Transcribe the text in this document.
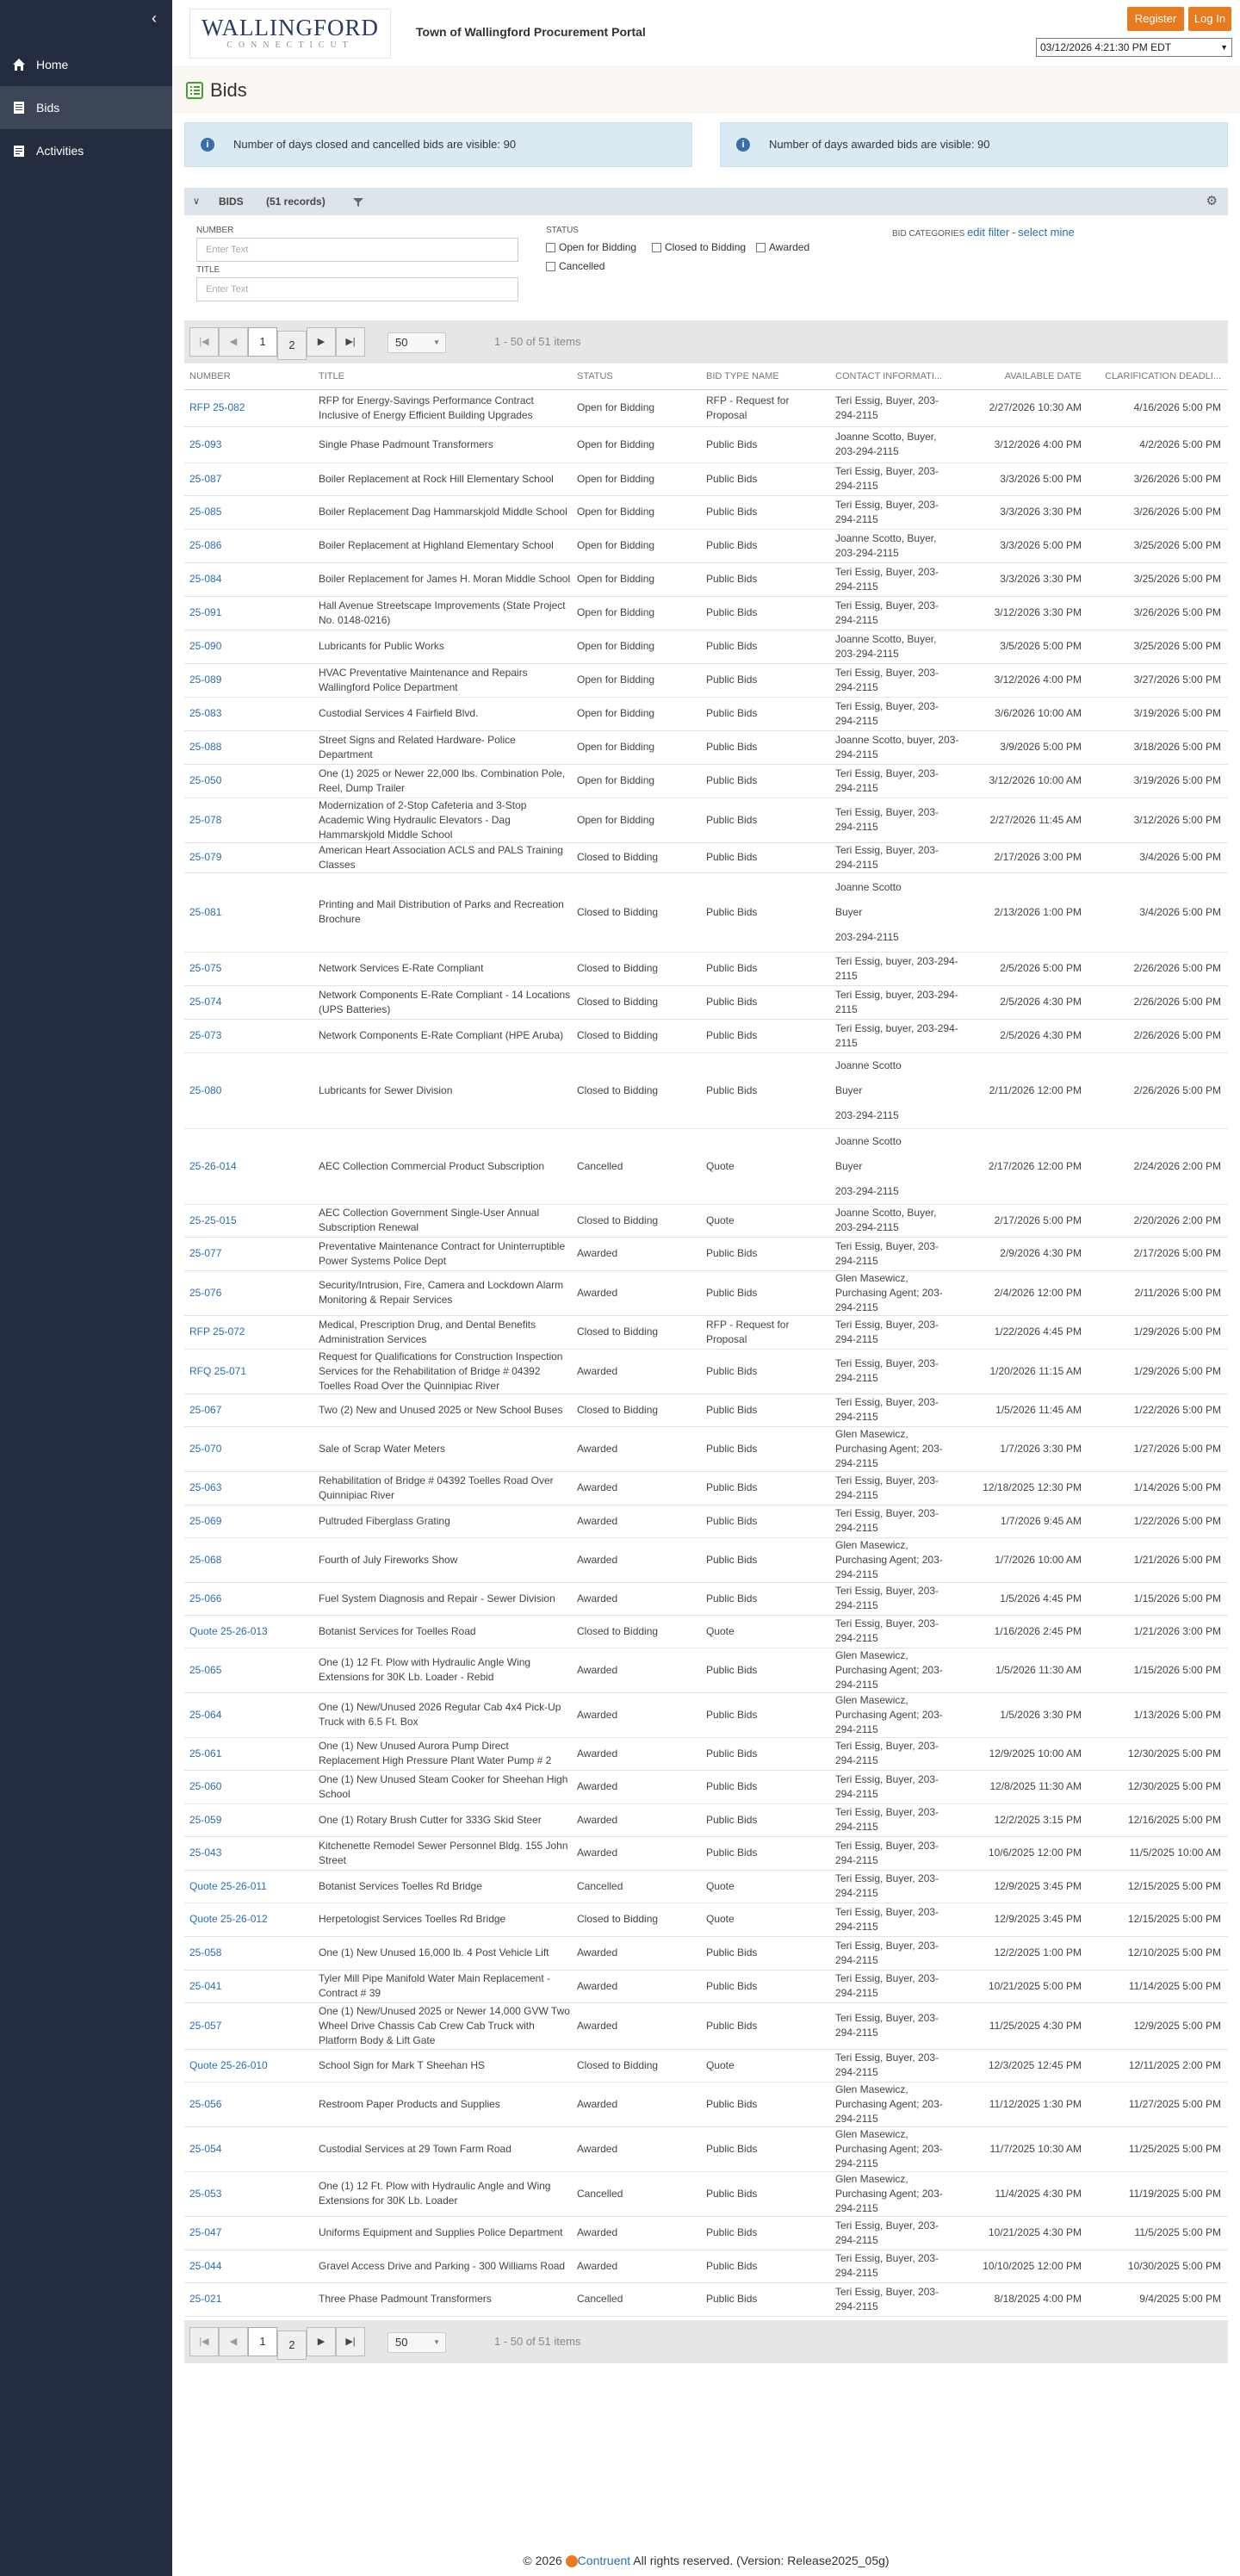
‹
Home
Bids
Activities
WALLINGFORD
CONNECTICUT
Town of Wallingford Procurement Portal
Register	Log In
03/12/2026 4:21:30 PM EDT	▼
Bids
i	Number of days closed and cancelled bids are visible: 90	i	Number of days awarded bids are visible: 90
∨ BIDS (51 records)	⚙
NUMBER
Enter Text
TITLE
Enter Text
STATUS
Open for Bidding	Closed to Bidding Awarded
Cancelled
BID CATEGORIES edit filter - select mine
|◀	◀	1	2	▶	▶|	50	▼	1 - 50 of 51 items
NUMBER	TITLE	STATUS	BID TYPE NAME	CONTACT INFORMATI...	AVAILABLE DATE	CLARIFICATION DEADLI...
RFP 25-082	RFP for Energy-Savings Performance Contract Inclusive of Energy Efficient Building Upgrades	Open for Bidding	RFP - Request for Proposal	Teri Essig, Buyer, 203-294-2115	2/27/2026 10:30 AM	4/16/2026 5:00 PM
25-093	Single Phase Padmount Transformers	Open for Bidding	Public Bids	Joanne Scotto, Buyer, 203-294-2115	3/12/2026 4:00 PM	4/2/2026 5:00 PM
25-087	Boiler Replacement at Rock Hill Elementary School	Open for Bidding	Public Bids	Teri Essig, Buyer, 203-294-2115	3/3/2026 5:00 PM	3/26/2026 5:00 PM
25-085	Boiler Replacement Dag Hammarskjold Middle School	Open for Bidding	Public Bids	Teri Essig, Buyer, 203-294-2115	3/3/2026 3:30 PM	3/26/2026 5:00 PM
25-086	Boiler Replacement at Highland Elementary School	Open for Bidding	Public Bids	Joanne Scotto, Buyer, 203-294-2115	3/3/2026 5:00 PM	3/25/2026 5:00 PM
25-084	Boiler Replacement for James H. Moran Middle School	Open for Bidding	Public Bids	Teri Essig, Buyer, 203-294-2115	3/3/2026 3:30 PM	3/25/2026 5:00 PM
25-091	Hall Avenue Streetscape Improvements (State Project No. 0148-0216)	Open for Bidding	Public Bids	Teri Essig, Buyer, 203-294-2115	3/12/2026 3:30 PM	3/26/2026 5:00 PM
25-090	Lubricants for Public Works	Open for Bidding	Public Bids	Joanne Scotto, Buyer, 203-294-2115	3/5/2026 5:00 PM	3/25/2026 5:00 PM
25-089	HVAC Preventative Maintenance and Repairs Wallingford Police Department	Open for Bidding	Public Bids	Teri Essig, Buyer, 203-294-2115	3/12/2026 4:00 PM	3/27/2026 5:00 PM
25-083	Custodial Services 4 Fairfield Blvd.	Open for Bidding	Public Bids	Teri Essig, Buyer, 203-294-2115	3/6/2026 10:00 AM	3/19/2026 5:00 PM
25-088	Street Signs and Related Hardware- Police Department	Open for Bidding	Public Bids	Joanne Scotto, buyer, 203-294-2115	3/9/2026 5:00 PM	3/18/2026 5:00 PM
25-050	One (1) 2025 or Newer 22,000 lbs. Combination Pole, Reel, Dump Trailer	Open for Bidding	Public Bids	Teri Essig, Buyer, 203-294-2115	3/12/2026 10:00 AM	3/19/2026 5:00 PM
25-078	Modernization of 2-Stop Cafeteria and 3-Stop Academic Wing Hydraulic Elevators - Dag Hammarskjold Middle School	Open for Bidding	Public Bids	Teri Essig, Buyer, 203-294-2115	2/27/2026 11:45 AM	3/12/2026 5:00 PM
25-079	American Heart Association ACLS and PALS Training Classes	Closed to Bidding	Public Bids	Teri Essig, Buyer, 203-294-2115	2/17/2026 3:00 PM	3/4/2026 5:00 PM
25-081	Printing and Mail Distribution of Parks and Recreation Brochure	Closed to Bidding	Public Bids	Joanne Scotto
Buyer
203-294-2115	2/13/2026 1:00 PM	3/4/2026 5:00 PM
25-075	Network Services E-Rate Compliant	Closed to Bidding	Public Bids	Teri Essig, buyer, 203-294-2115	2/5/2026 5:00 PM	2/26/2026 5:00 PM
25-074	Network Components E-Rate Compliant - 14 Locations (UPS Batteries)	Closed to Bidding	Public Bids	Teri Essig, buyer, 203-294-2115	2/5/2026 4:30 PM	2/26/2026 5:00 PM
25-073	Network Components E-Rate Compliant (HPE Aruba)	Closed to Bidding	Public Bids	Teri Essig, buyer, 203-294-2115	2/5/2026 4:30 PM	2/26/2026 5:00 PM
25-080	Lubricants for Sewer Division	Closed to Bidding	Public Bids	Joanne Scotto
Buyer
203-294-2115	2/11/2026 12:00 PM	2/26/2026 5:00 PM
25-26-014	AEC Collection Commercial Product Subscription	Cancelled	Quote	Joanne Scotto
Buyer
203-294-2115	2/17/2026 12:00 PM	2/24/2026 2:00 PM
25-25-015	AEC Collection Government Single-User Annual Subscription Renewal	Closed to Bidding	Quote	Joanne Scotto, Buyer, 203-294-2115	2/17/2026 5:00 PM	2/20/2026 2:00 PM
25-077	Preventative Maintenance Contract for Uninterruptible Power Systems Police Dept	Awarded	Public Bids	Teri Essig, Buyer, 203-294-2115	2/9/2026 4:30 PM	2/17/2026 5:00 PM
25-076	Security/Intrusion, Fire, Camera and Lockdown Alarm Monitoring & Repair Services	Awarded	Public Bids	Glen Masewicz, Purchasing Agent; 203-294-2115	2/4/2026 12:00 PM	2/11/2026 5:00 PM
RFP 25-072	Medical, Prescription Drug, and Dental Benefits Administration Services	Closed to Bidding	RFP - Request for Proposal	Teri Essig, Buyer, 203-294-2115	1/22/2026 4:45 PM	1/29/2026 5:00 PM
RFQ 25-071	Request for Qualifications for Construction Inspection Services for the Rehabilitation of Bridge # 04392 Toelles Road Over the Quinnipiac River	Awarded	Public Bids	Teri Essig, Buyer, 203-294-2115	1/20/2026 11:15 AM	1/29/2026 5:00 PM
25-067	Two (2) New and Unused 2025 or New School Buses	Closed to Bidding	Public Bids	Teri Essig, Buyer, 203-294-2115	1/5/2026 11:45 AM	1/22/2026 5:00 PM
25-070	Sale of Scrap Water Meters	Awarded	Public Bids	Glen Masewicz, Purchasing Agent; 203-294-2115	1/7/2026 3:30 PM	1/27/2026 5:00 PM
25-063	Rehabilitation of Bridge # 04392 Toelles Road Over Quinnipiac River	Awarded	Public Bids	Teri Essig, Buyer, 203-294-2115	12/18/2025 12:30 PM	1/14/2026 5:00 PM
25-069	Pultruded Fiberglass Grating	Awarded	Public Bids	Teri Essig, Buyer, 203-294-2115	1/7/2026 9:45 AM	1/22/2026 5:00 PM
25-068	Fourth of July Fireworks Show	Awarded	Public Bids	Glen Masewicz, Purchasing Agent; 203-294-2115	1/7/2026 10:00 AM	1/21/2026 5:00 PM
25-066	Fuel System Diagnosis and Repair - Sewer Division	Awarded	Public Bids	Teri Essig, Buyer, 203-294-2115	1/5/2026 4:45 PM	1/15/2026 5:00 PM
Quote 25-26-013	Botanist Services for Toelles Road	Closed to Bidding	Quote	Teri Essig, Buyer, 203-294-2115	1/16/2026 2:45 PM	1/21/2026 3:00 PM
25-065	One (1) 12 Ft. Plow with Hydraulic Angle Wing Extensions for 30K Lb. Loader - Rebid	Awarded	Public Bids	Glen Masewicz, Purchasing Agent; 203-294-2115	1/5/2026 11:30 AM	1/15/2026 5:00 PM
25-064	One (1) New/Unused 2026 Regular Cab 4x4 Pick-Up Truck with 6.5 Ft. Box	Awarded	Public Bids	Glen Masewicz, Purchasing Agent; 203-294-2115	1/5/2026 3:30 PM	1/13/2026 5:00 PM
25-061	One (1) New Unused Aurora Pump Direct Replacement High Pressure Plant Water Pump # 2	Awarded	Public Bids	Teri Essig, Buyer, 203-294-2115	12/9/2025 10:00 AM	12/30/2025 5:00 PM
25-060	One (1) New Unused Steam Cooker for Sheehan High School	Awarded	Public Bids	Teri Essig, Buyer, 203-294-2115	12/8/2025 11:30 AM	12/30/2025 5:00 PM
25-059	One (1) Rotary Brush Cutter for 333G Skid Steer	Awarded	Public Bids	Teri Essig, Buyer, 203-294-2115	12/2/2025 3:15 PM	12/16/2025 5:00 PM
25-043	Kitchenette Remodel Sewer Personnel Bldg. 155 John Street	Awarded	Public Bids	Teri Essig, Buyer, 203-294-2115	10/6/2025 12:00 PM	11/5/2025 10:00 AM
Quote 25-26-011	Botanist Services Toelles Rd Bridge	Cancelled	Quote	Teri Essig, Buyer, 203-294-2115	12/9/2025 3:45 PM	12/15/2025 5:00 PM
Quote 25-26-012	Herpetologist Services Toelles Rd Bridge	Closed to Bidding	Quote	Teri Essig, Buyer, 203-294-2115	12/9/2025 3:45 PM	12/15/2025 5:00 PM
25-058	One (1) New Unused 16,000 lb. 4 Post Vehicle Lift	Awarded	Public Bids	Teri Essig, Buyer, 203-294-2115	12/2/2025 1:00 PM	12/10/2025 5:00 PM
25-041	Tyler Mill Pipe Manifold Water Main Replacement - Contract # 39	Awarded	Public Bids	Teri Essig, Buyer, 203-294-2115	10/21/2025 5:00 PM	11/14/2025 5:00 PM
25-057	One (1) New/Unused 2025 or Newer 14,000 GVW Two Wheel Drive Chassis Cab Crew Cab Truck with Platform Body & Lift Gate	Awarded	Public Bids	Teri Essig, Buyer, 203-294-2115	11/25/2025 4:30 PM	12/9/2025 5:00 PM
Quote 25-26-010	School Sign for Mark T Sheehan HS	Closed to Bidding	Quote	Teri Essig, Buyer, 203-294-2115	12/3/2025 12:45 PM	12/11/2025 2:00 PM
25-056	Restroom Paper Products and Supplies	Awarded	Public Bids	Glen Masewicz, Purchasing Agent; 203-294-2115	11/12/2025 1:30 PM	11/27/2025 5:00 PM
25-054	Custodial Services at 29 Town Farm Road	Awarded	Public Bids	Glen Masewicz, Purchasing Agent; 203-294-2115	11/7/2025 10:30 AM	11/25/2025 5:00 PM
25-053	One (1) 12 Ft. Plow with Hydraulic Angle and Wing Extensions for 30K Lb. Loader	Cancelled	Public Bids	Glen Masewicz, Purchasing Agent; 203-294-2115	11/4/2025 4:30 PM	11/19/2025 5:00 PM
25-047	Uniforms Equipment and Supplies Police Department	Awarded	Public Bids	Teri Essig, Buyer, 203-294-2115	10/21/2025 4:30 PM	11/5/2025 5:00 PM
25-044	Gravel Access Drive and Parking - 300 Williams Road	Awarded	Public Bids	Teri Essig, Buyer, 203-294-2115	10/10/2025 12:00 PM	10/30/2025 5:00 PM
25-021	Three Phase Padmount Transformers	Cancelled	Public Bids	Teri Essig, Buyer, 203-294-2115	8/18/2025 4:00 PM	9/4/2025 5:00 PM
|◀	◀	1	2	▶	▶|	50	▼	1 - 50 of 51 items
© 2026 Contruent All rights reserved. (Version: Release2025_05g)
